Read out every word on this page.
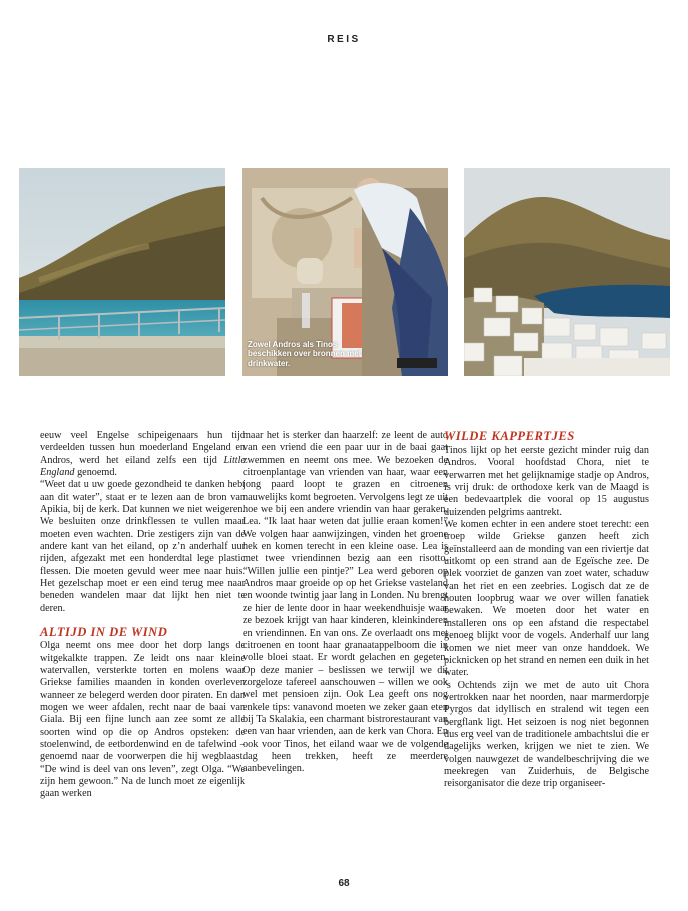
REIS
Zowel Andros als Tinos beschikken over bronnen met drinkwater.

eeuw veel Engelse schipeigenaars hun tijd verdeelden tussen hun moederland Engeland en Andros, werd het eiland zelfs een tijd Little England genoemd.

“Weet dat u uw goede gezondheid te danken hebt aan dit water”, staat er te lezen aan de bron van Apikia, bij de kerk. Dat kunnen we niet weigeren. We besluiten onze drinkflessen te vullen maar moeten even wachten. Drie zestigers zijn van de andere kant van het eiland, op z’n anderhalf uur rijden, afgezakt met een honderdtal lege plastic flessen. Die moeten gevuld weer mee naar huis. Het gezelschap moet er een eind terug mee naar beneden wandelen maar dat lijkt hen niet te deren.

ALTIJD IN DE WIND

Olga neemt ons mee door het dorp langs de witgekalkte trappen. Ze leidt ons naar kleine watervallen, versterkte torten en molens waar Griekse families maanden in konden overleven wanneer ze belegerd werden door piraten. En dan mogen we weer afdalen, recht naar de baai van Giala. Bij een fijne lunch aan zee somt ze alle soorten wind op die op Andros opsteken: de stoelenwind, de eetbordenwind en de tafelwind – genoemd naar de voorwerpen die hij wegblaast. “De wind is deel van ons leven”, zegt Olga. “We zijn hem gewoon.” Na de lunch moet ze eigenlijk gaan werken

maar het is sterker dan haarzelf: ze leent de auto van een vriend die een paar uur in de baai gaat zwemmen en neemt ons mee. We bezoeken de citroenplantage van vrienden van haar, waar een jong paard loopt te grazen en citroenen nauwelijks komt begroeten. Vervolgens legt ze uit hoe we bij een andere vriendin van haar geraken, Lea. “Ik laat haar weten dat jullie eraan komen!” We volgen haar aanwijzingen, vinden het groene hek en komen terecht in een kleine oase. Lea is met twee vriendinnen bezig aan een risotto. “Willen jullie een pintje?” Lea werd geboren op Andros maar groeide op op het Griekse vasteland en woonde twintig jaar lang in Londen. Nu brengt ze hier de lente door in haar weekendhuisje waar ze bezoek krijgt van haar kinderen, kleinkinderen en vriendinnen. En van ons. Ze overlaadt ons met citroenen en toont haar granaatappelboom die in volle bloei staat. Er wordt gelachen en gegeten. Op deze manier – beslissen we terwijl we dit zorgeloze tafereel aanschouwen – willen we ook wel met pensioen zijn. Ook Lea geeft ons nog enkele tips: vanavond moeten we zeker gaan eten bij Ta Skalakia, een charmant bistrorestaurant van een van haar vrienden, aan de kerk van Chora. En ook voor Tinos, het eiland waar we de volgende dag heen trekken, heeft ze meerdere aanbevelingen.

WILDE KAPPERTJES

Tinos lijkt op het eerste gezicht minder ruig dan Andros. Vooral hoofdstad Chora, niet te verwarren met het gelijknamige stadje op Andros, is vrij druk: de orthodoxe kerk van de Maagd is een bedevaartplek die vooral op 15 augustus duizenden pelgrims aantrekt.

We komen echter in een andere stoet terecht: een troep wilde Griekse ganzen heeft zich geïnstalleerd aan de monding van een riviertje dat uitkomt op een strand aan de Egeïsche zee. De plek voorziet de ganzen van zoet water, schaduw van het riet en een zeebries. Logisch dat ze de houten loopbrug waar we over willen fanatiek bewaken. We moeten door het water en installeren ons op een afstand die respectabel genoeg blijkt voor de vogels. Anderhalf uur lang komen we niet meer van onze handdoek. We picknicken op het strand en nemen een duik in het water.

’s Ochtends zijn we met de auto uit Chora vertrokken naar het noorden, naar marmerdorpje Pyrgos dat idyllisch en stralend wit tegen een bergflank ligt. Het seizoen is nog niet begonnen dus erg veel van de traditionele ambachtslui die er dagelijks werken, krijgen we niet te zien. We volgen nauwgezet de wandelbeschrijving die we meekregen van Zuiderhuis, de Belgische reisorganisator die deze trip organiseer-

68
